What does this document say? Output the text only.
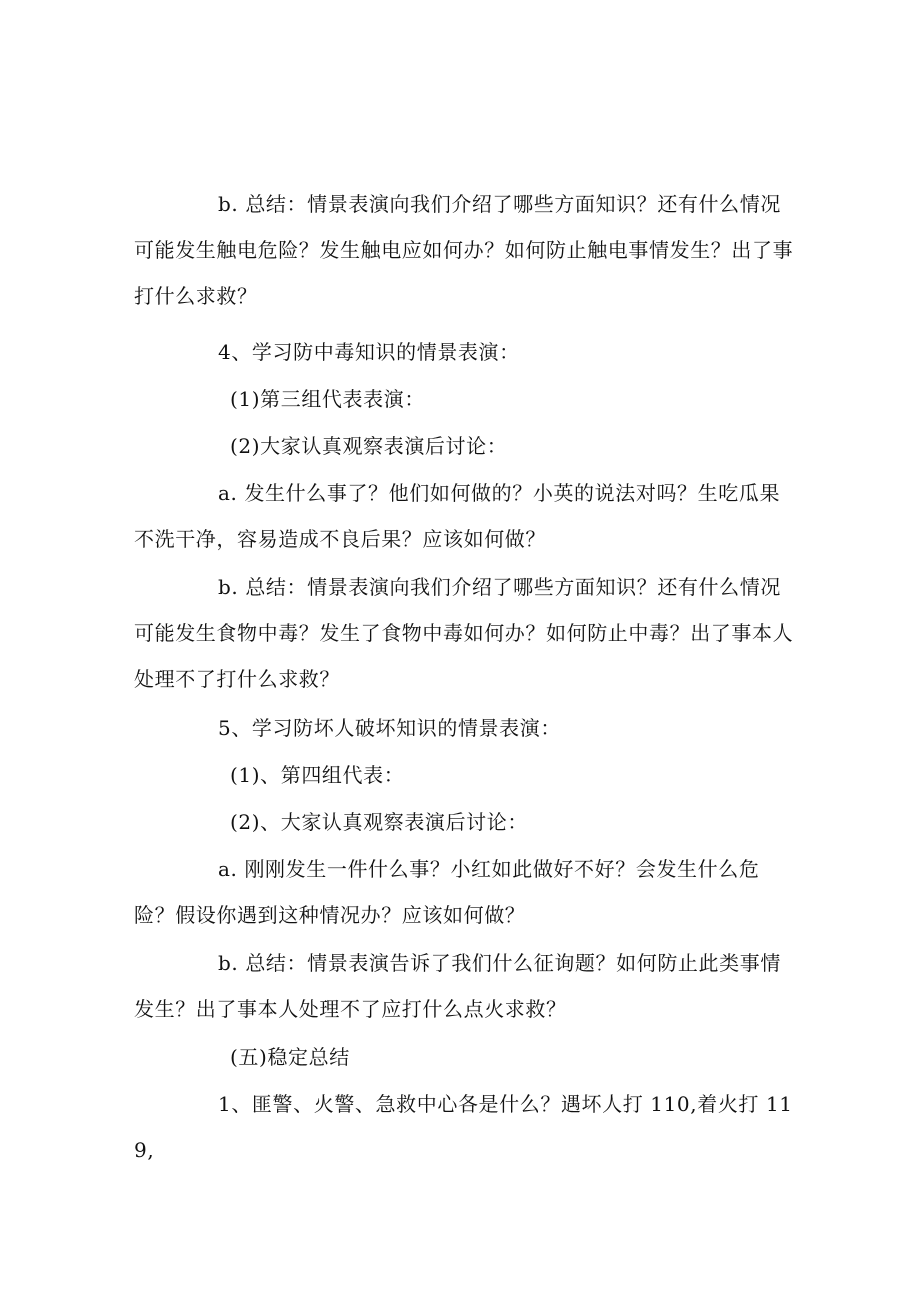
b. 总结：情景表演向我们介绍了哪些方面知识？还有什么情况可能发生触电危险？发生触电应如何办？如何防止触电事情发生？出了事打什么求救？

4、学习防中毒知识的情景表演：

(1)第三组代表表演：

(2)大家认真观察表演后讨论：

a. 发生什么事了？他们如何做的？小英的说法对吗？生吃瓜果不洗干净，容易造成不良后果？应该如何做？

b. 总结：情景表演向我们介绍了哪些方面知识？还有什么情况可能发生食物中毒？发生了食物中毒如何办？如何防止中毒？出了事本人处理不了打什么求救？

5、学习防坏人破坏知识的情景表演：

(1)、第四组代表：

(2)、大家认真观察表演后讨论：

a. 刚刚发生一件什么事？小红如此做好不好？会发生什么危险？假设你遇到这种情况办？应该如何做？

b. 总结：情景表演告诉了我们什么征询题？如何防止此类事情发生？出了事本人处理不了应打什么点火求救？

(五)稳定总结

1、匪警、火警、急救中心各是什么？遇坏人打 110,着火打 119,
